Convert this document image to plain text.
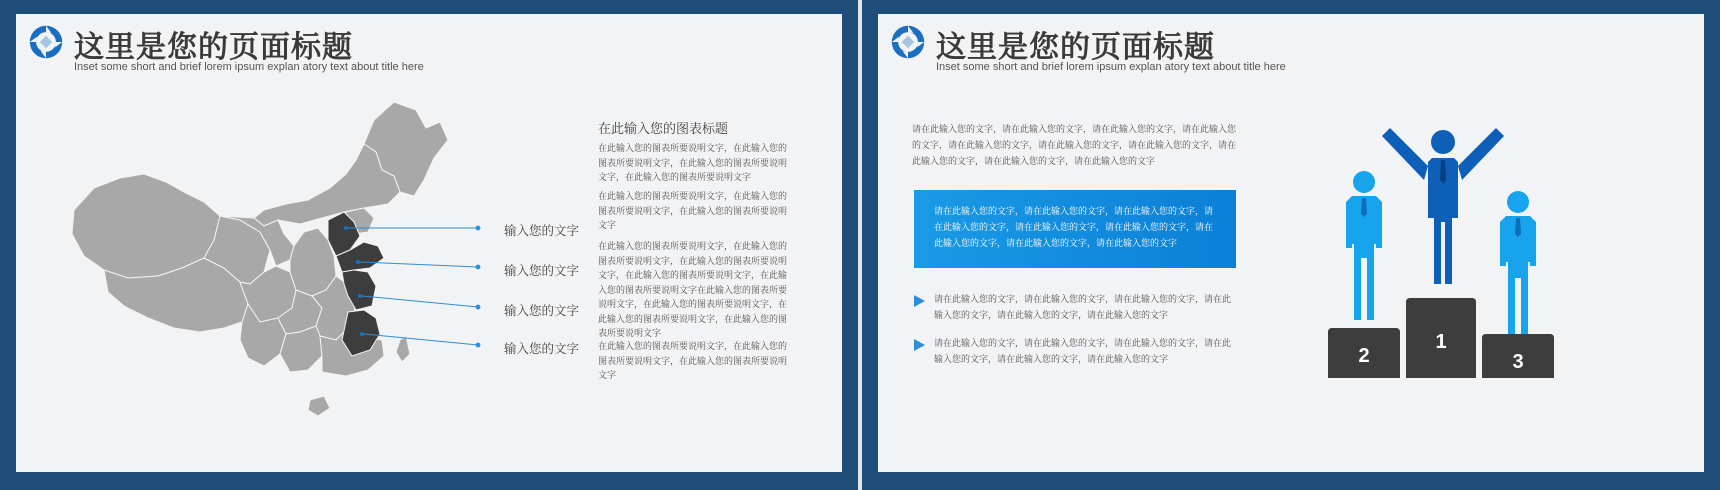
这里是您的页面标题
Inset some short and brief lorem ipsum explan atory text about title here
输入您的文字
输入您的文字
输入您的文字
输入您的文字
在此输入您的图表标题
在此输入您的图表所要说明文字，在此输入您的图表所要说明文字，在此输入您的图表所要说明文字，在此输入您的图表所要说明文字
在此输入您的图表所要说明文字，在此输入您的图表所要说明文字，在此输入您的图表所要说明文字
在此输入您的图表所要说明文字，在此输入您的图表所要说明文字，在此输入您的图表所要说明文字，在此输入您的图表所要说明文字，在此输入您的图表所要说明文字在此输入您的图表所要说明文字，在此输入您的图表所要说明文字，在此输入您的图表所要说明文字，在此输入您的图表所要说明文字
在此输入您的图表所要说明文字，在此输入您的图表所要说明文字，在此输入您的图表所要说明文字
这里是您的页面标题
Inset some short and brief lorem ipsum explan atory text about title here
请在此输入您的文字，请在此输入您的文字，请在此输入您的文字，请在此输入您的文字，请在此输入您的文字，请在此输入您的文字，请在此输入您的文字，请在此输入您的文字，请在此输入您的文字，请在此输入您的文字
请在此输入您的文字，请在此输入您的文字，请在此输入您的文字，请在此输入您的文字，请在此输入您的文字，请在此输入您的文字，请在此输入您的文字，请在此输入您的文字，请在此输入您的文字
请在此输入您的文字，请在此输入您的文字，请在此输入您的文字，请在此输入您的文字，请在此输入您的文字，请在此输入您的文字
请在此输入您的文字，请在此输入您的文字，请在此输入您的文字，请在此输入您的文字，请在此输入您的文字，请在此输入您的文字	2
1
3
